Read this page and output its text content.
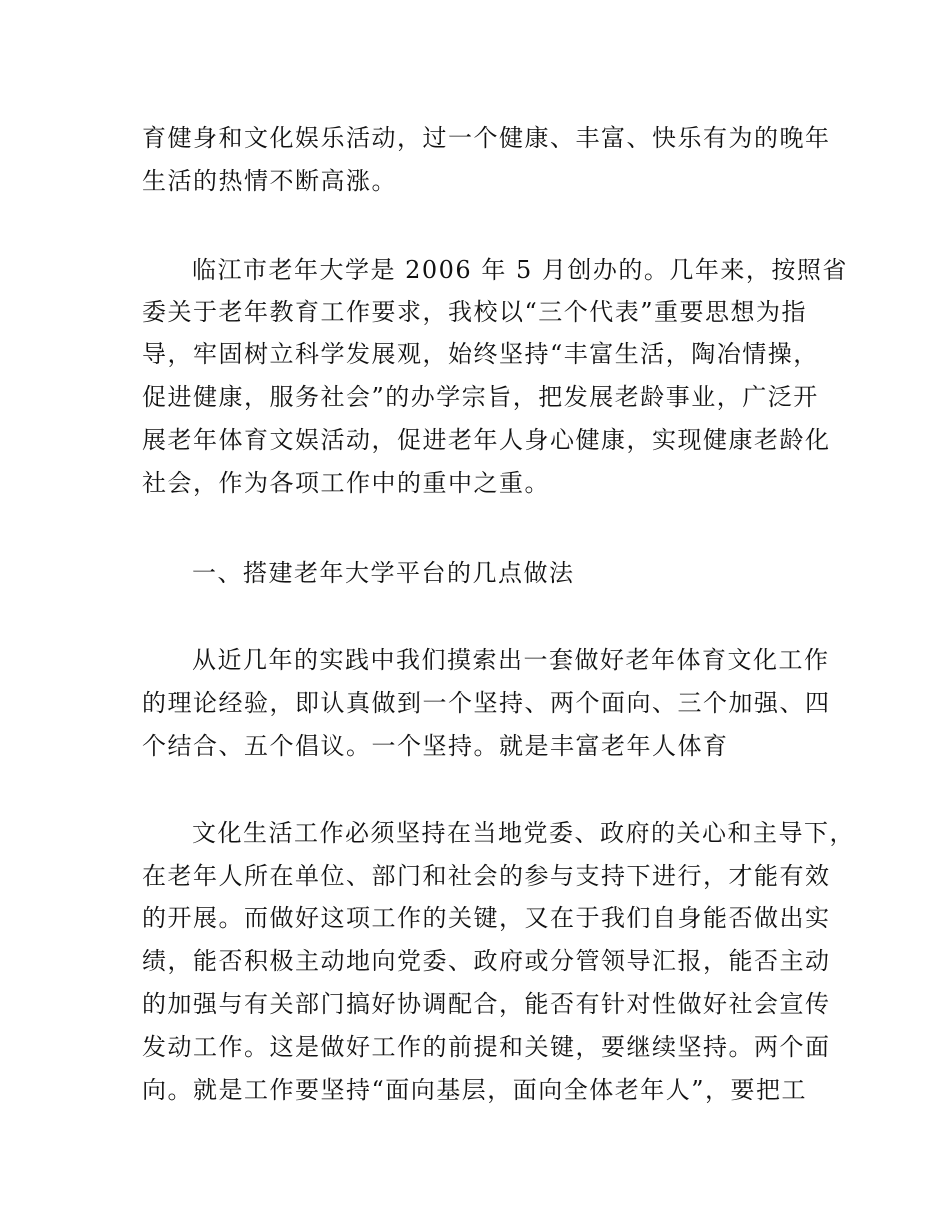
育健身和文化娱乐活动，过一个健康、丰富、快乐有为的晚年
生活的热情不断高涨。
临江市老年大学是 2006 年 5 月创办的。几年来，按照省
委关于老年教育工作要求，我校以“三个代表”重要思想为指
导，牢固树立科学发展观，始终坚持“丰富生活，陶冶情操，
促进健康，服务社会”的办学宗旨，把发展老龄事业，广泛开
展老年体育文娱活动，促进老年人身心健康，实现健康老龄化
社会，作为各项工作中的重中之重。
一、搭建老年大学平台的几点做法
从近几年的实践中我们摸索出一套做好老年体育文化工作
的理论经验，即认真做到一个坚持、两个面向、三个加强、四
个结合、五个倡议。一个坚持。就是丰富老年人体育
文化生活工作必须坚持在当地党委、政府的关心和主导下，
在老年人所在单位、部门和社会的参与支持下进行，才能有效
的开展。而做好这项工作的关键，又在于我们自身能否做出实
绩，能否积极主动地向党委、政府或分管领导汇报，能否主动
的加强与有关部门搞好协调配合，能否有针对性做好社会宣传
发动工作。这是做好工作的前提和关键，要继续坚持。两个面
向。就是工作要坚持“面向基层，面向全体老年人”，要把工
